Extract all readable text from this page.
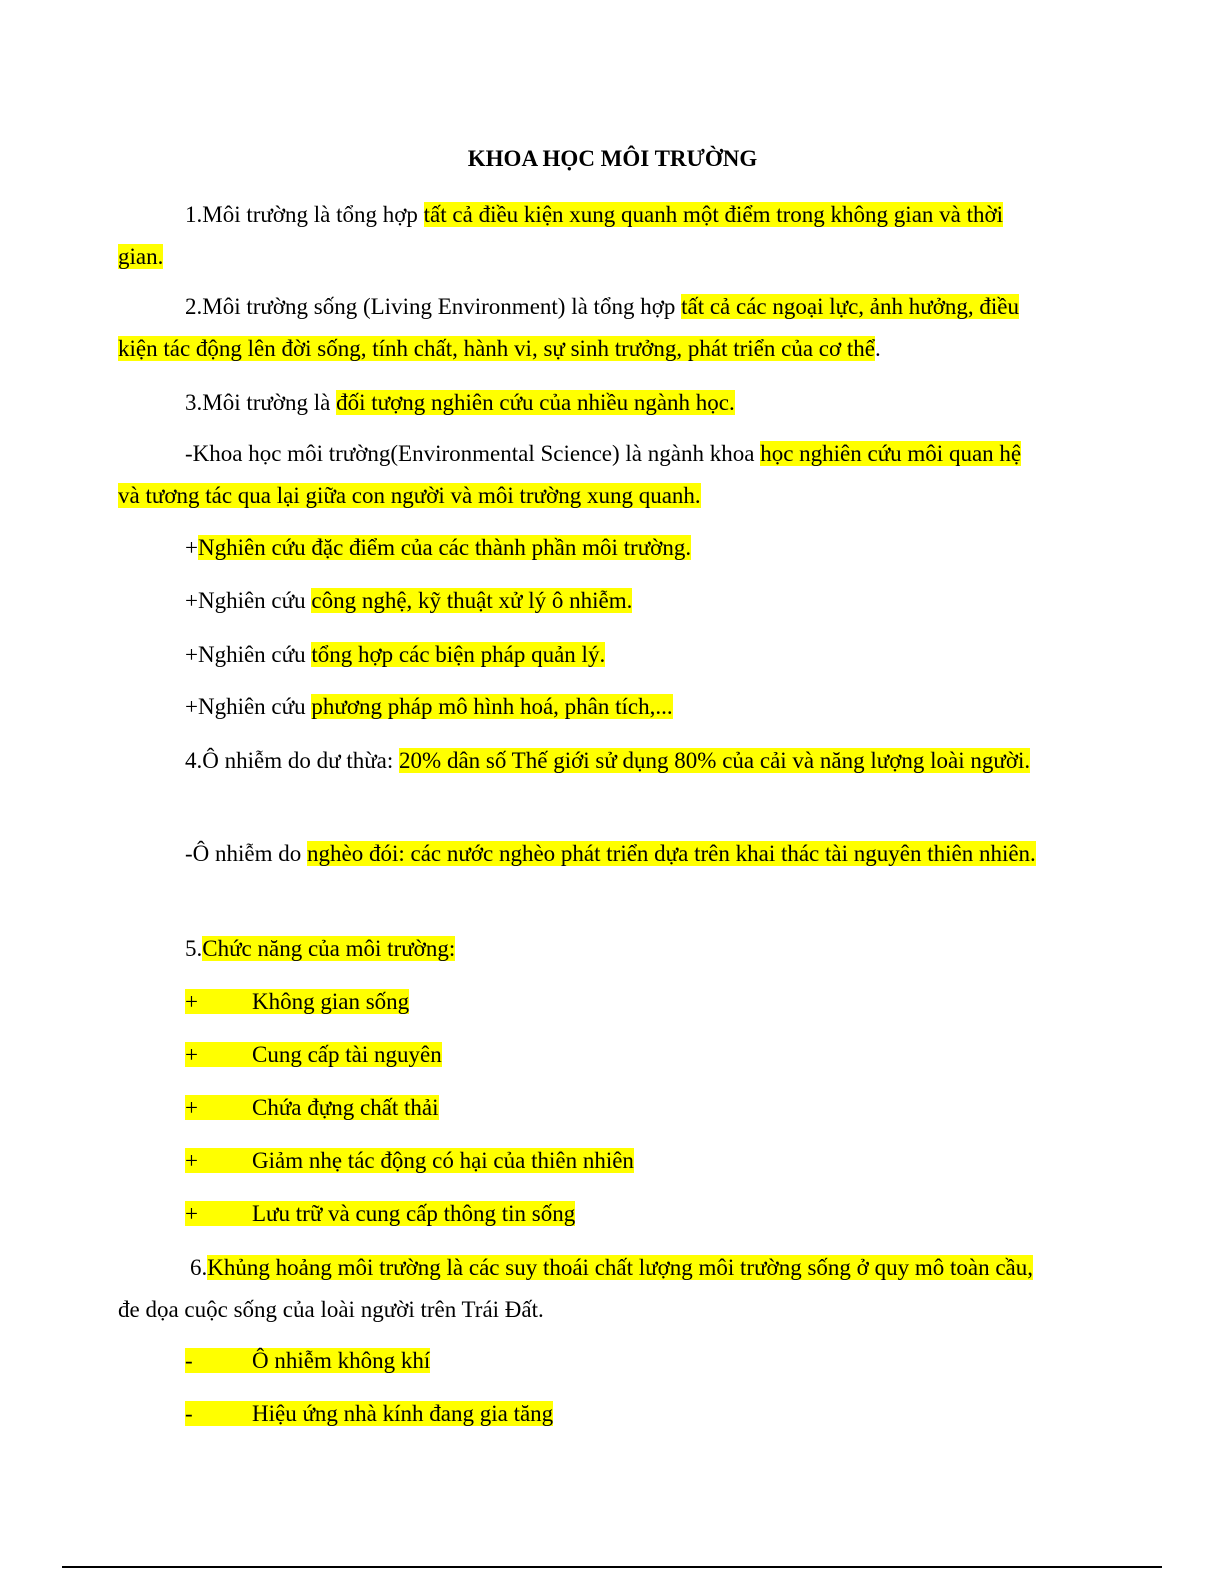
KHOA HỌC MÔI TRƯỜNG

1.Môi trường là tổng hợp tất cả điều kiện xung quanh một điểm trong không gian và thời gian.

2.Môi trường sống (Living Environment) là tổng hợp tất cả các ngoại lực, ảnh hưởng, điều kiện tác động lên đời sống, tính chất, hành vi, sự sinh trưởng, phát triển của cơ thể.

3.Môi trường là đối tượng nghiên cứu của nhiều ngành học.

-Khoa học môi trường(Environmental Science) là ngành khoa học nghiên cứu môi quan hệ và tương tác qua lại giữa con người và môi trường xung quanh.

+Nghiên cứu đặc điểm của các thành phần môi trường.
+Nghiên cứu công nghệ, kỹ thuật xử lý ô nhiễm.
+Nghiên cứu tổng hợp các biện pháp quản lý.
+Nghiên cứu phương pháp mô hình hoá, phân tích,...

4.Ô nhiễm do dư thừa: 20% dân số Thế giới sử dụng 80% của cải và năng lượng loài người.

-Ô nhiễm do nghèo đói: các nước nghèo phát triển dựa trên khai thác tài nguyên thiên nhiên.

5.Chức năng của môi trường:
+ Không gian sống
+ Cung cấp tài nguyên
+ Chứa đựng chất thải
+ Giảm nhẹ tác động có hại của thiên nhiên
+ Lưu trữ và cung cấp thông tin sống

6.Khủng hoảng môi trường là các suy thoái chất lượng môi trường sống ở quy mô toàn cầu, đe dọa cuộc sống của loài người trên Trái Đất.

-	Ô nhiễm không khí
-	Hiệu ứng nhà kính đang gia tăng
